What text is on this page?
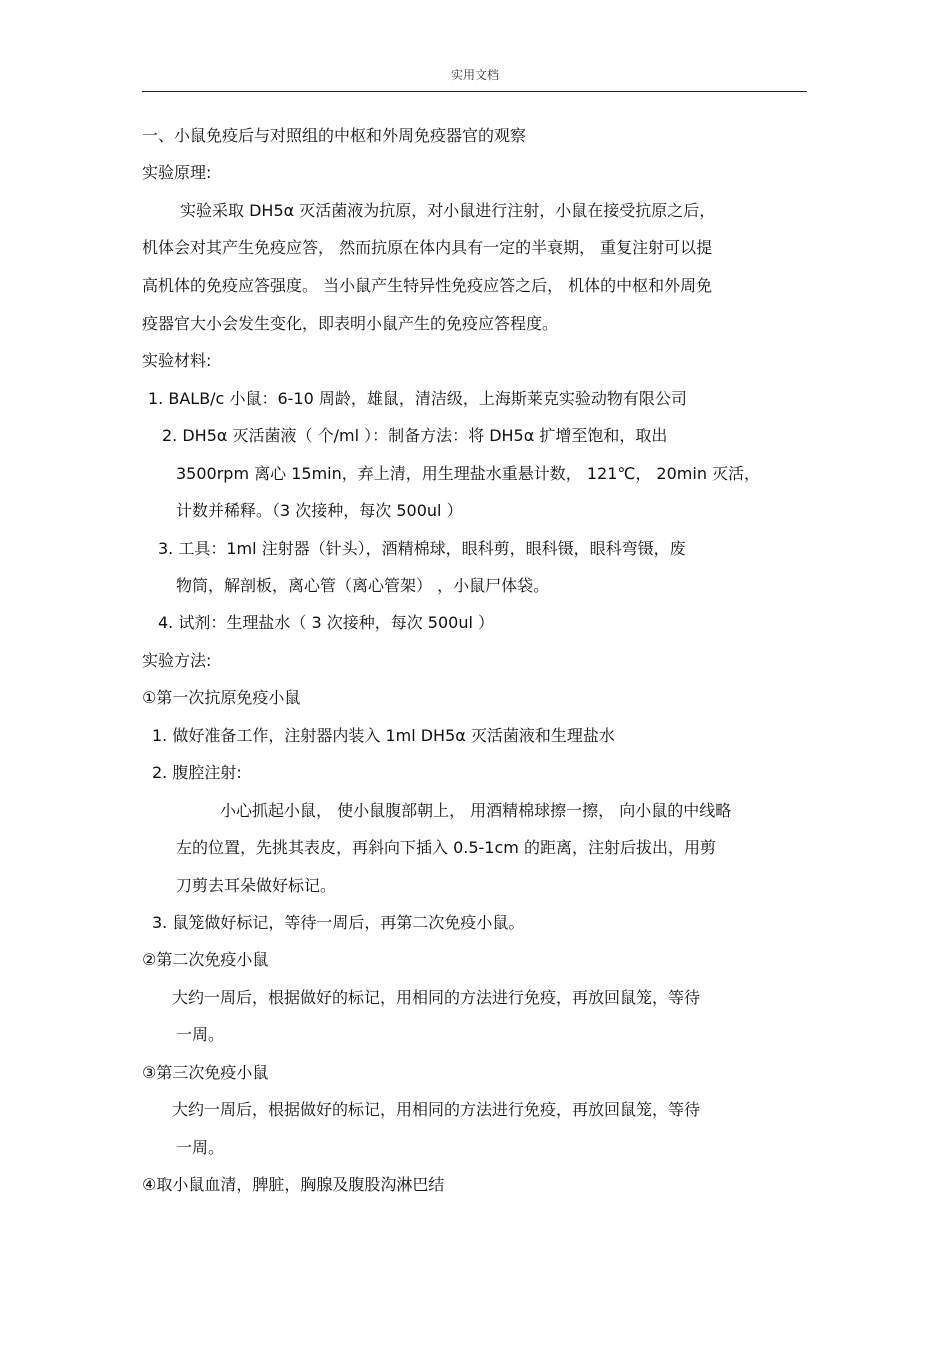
实用文档
一、小鼠免疫后与对照组的中枢和外周免疫器官的观察
实验原理:
实验采取 DH5α 灭活菌液为抗原，对小鼠进行注射，小鼠在接受抗原之后，
机体会对其产生免疫应答， 然而抗原在体内具有一定的半衰期， 重复注射可以提
高机体的免疫应答强度。 当小鼠产生特异性免疫应答之后， 机体的中枢和外周免
疫器官大小会发生变化，即表明小鼠产生的免疫应答程度。
实验材料:
1. BALB/c 小鼠：6-10 周龄，雄鼠，清洁级，上海斯莱克实验动物有限公司
2. DH5α 灭活菌液（ 个/ml ）：制备方法：将 DH5α 扩增至饱和，取出
3500rpm 离心 15min，弃上清，用生理盐水重悬计数， 121℃， 20min 灭活，
计数并稀释。（3 次接种，每次 500ul ）
3. 工具：1ml 注射器（针头），酒精棉球，眼科剪，眼科镊，眼科弯镊，废
物筒，解剖板，离心管（离心管架） ，小鼠尸体袋。
4. 试剂：生理盐水（ 3 次接种，每次 500ul ）
实验方法:
①第一次抗原免疫小鼠
1. 做好准备工作，注射器内装入 1ml DH5α 灭活菌液和生理盐水
2. 腹腔注射:
小心抓起小鼠， 使小鼠腹部朝上， 用酒精棉球擦一擦， 向小鼠的中线略
左的位置，先挑其表皮，再斜向下插入 0.5-1cm 的距离，注射后拔出，用剪
刀剪去耳朵做好标记。
3. 鼠笼做好标记，等待一周后，再第二次免疫小鼠。
②第二次免疫小鼠
大约一周后，根据做好的标记，用相同的方法进行免疫，再放回鼠笼，等待
一周。
③第三次免疫小鼠
大约一周后，根据做好的标记，用相同的方法进行免疫，再放回鼠笼，等待
一周。
④取小鼠血清，脾脏，胸腺及腹股沟淋巴结
